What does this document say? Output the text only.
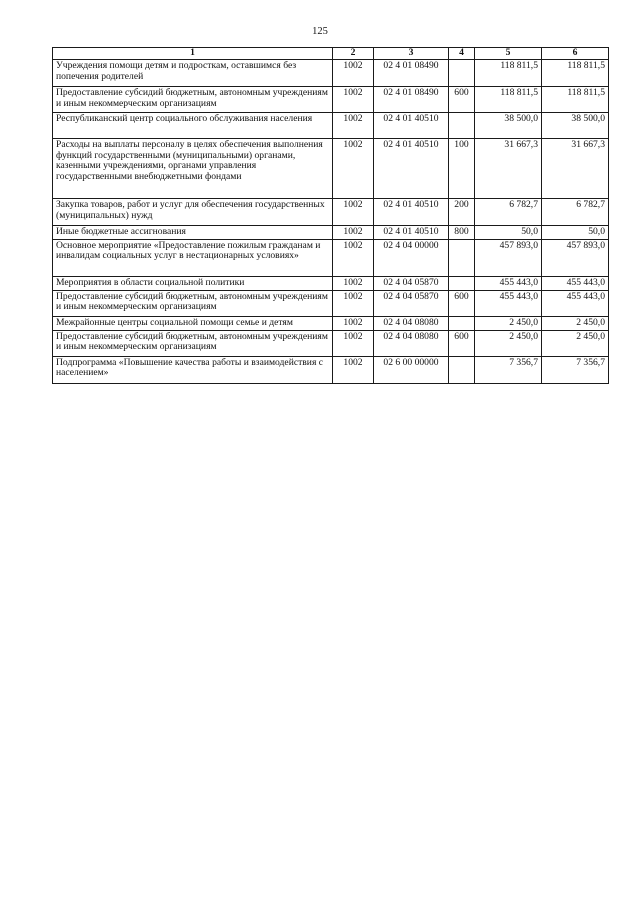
125
1	2	3	4	5	6
Учреждения помощи детям и подросткам, оставшимся без попечения родителей	1002	02 4 01 08490		118 811,5	118 811,5
Предоставление субсидий бюджетным, автономным учреждениям и иным некоммерческим организациям	1002	02 4 01 08490	600	118 811,5	118 811,5
Республиканский центр социального обслуживания населения	1002	02 4 01 40510		38 500,0	38 500,0
Расходы на выплаты персоналу в целях обеспечения выполнения функций государственными (муниципальными) органами, казенными учреждениями, органами управления государственными внебюджетными фондами	1002	02 4 01 40510	100	31 667,3	31 667,3
Закупка товаров, работ и услуг для обеспечения государственных (муниципальных) нужд	1002	02 4 01 40510	200	6 782,7	6 782,7
Иные бюджетные ассигнования	1002	02 4 01 40510	800	50,0	50,0
Основное мероприятие «Предоставление пожилым гражданам и инвалидам социальных услуг в нестационарных условиях»	1002	02 4 04 00000		457 893,0	457 893,0
Мероприятия в области социальной политики	1002	02 4 04 05870		455 443,0	455 443,0
Предоставление субсидий бюджетным, автономным учреждениям и иным некоммерческим организациям	1002	02 4 04 05870	600	455 443,0	455 443,0
Межрайонные центры социальной помощи семье и детям	1002	02 4 04 08080		2 450,0	2 450,0
Предоставление субсидий бюджетным, автономным учреждениям и иным некоммерческим организациям	1002	02 4 04 08080	600	2 450,0	2 450,0
Подпрограмма «Повышение качества работы и взаимодействия с населением»	1002	02 6 00 00000		7 356,7	7 356,7
